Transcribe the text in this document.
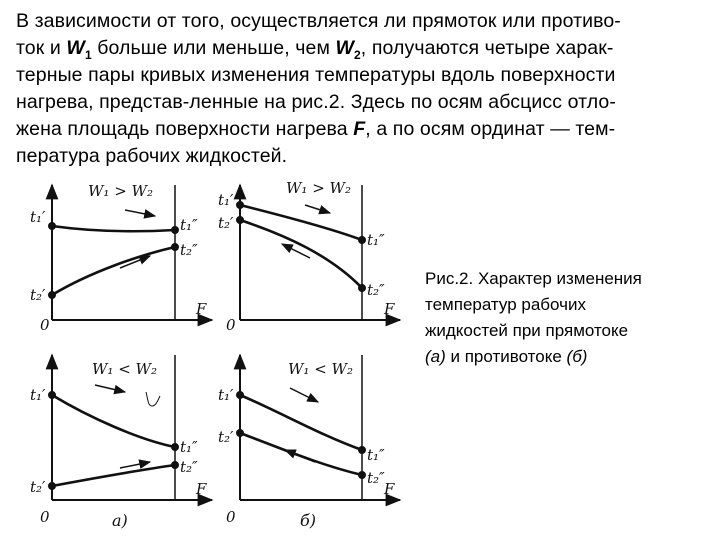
В зависимости от того, осуществляется ли прямоток или противо-
ток и $W_1$ больше или меньше, чем $W_2$, получаются четыре харак-
терные пары кривых изменения температуры вдоль поверхности
нагрева, представ-ленные на рис.2. Здесь по осям абсцисс отло-
жена площадь поверхности нагрева F, а по осям ординат — тем-
пература рабочих жидкостей.
W₁ > W₂
t₁′
t₂′
t₁″
t₂″
F
0
W₁ > W₂
t₁′
t₂′
t₁″
t₂″
F
0
W₁ < W₂
t₁′
t₂′
t₁″
t₂″
F
0	а)
W₁ < W₂
t₁′
t₂′
t₁″
t₂″
F
0	б)
Рис.2. Характер изменения
температур рабочих
жидкостей при прямотоке
(а) и противотоке (б)
